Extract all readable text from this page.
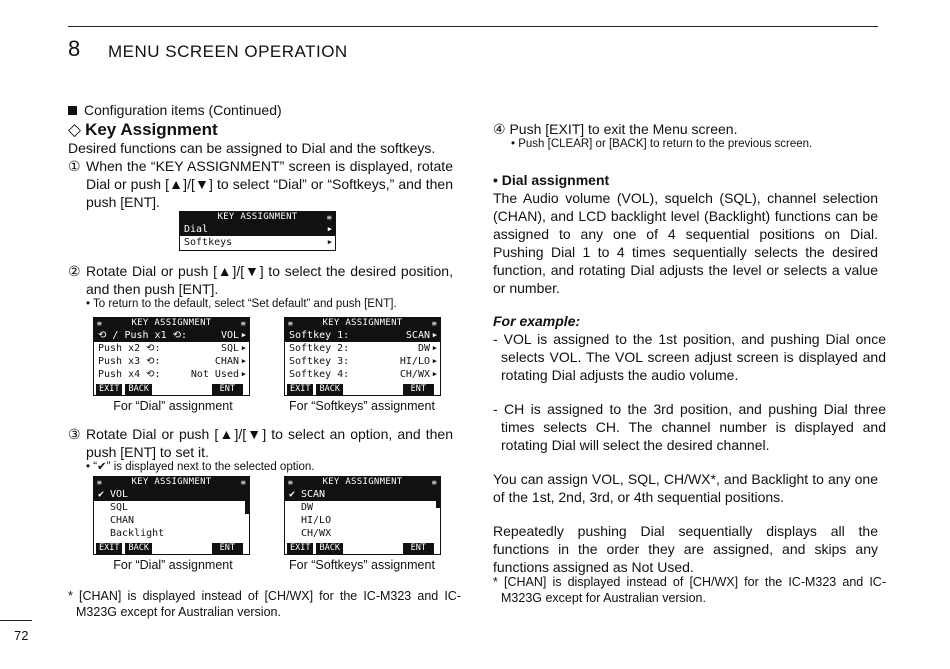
8 MENU SCREEN OPERATION
Configuration items (Continued)
◇ Key Assignment
Desired functions can be assigned to Dial and the softkeys.
① When the “KEY ASSIGNMENT” screen is displayed, rotate Dial or push [▲]/[▼] to select “Dial” or “Softkeys,” and then push [ENT].

KEY ASSIGNMENT	≡
Dial	▶
Softkeys	▶
② Rotate Dial or push [▲]/[▼] to select the desired position, and then push [ENT].

• To return to the default, select “Set default” and push [ENT].
≡	KEY ASSIGNMENT	≡
⟲ / Push x1 ⟲:	VOL ▶
Push x2 ⟲:	SQL ▶
Push x3 ⟲:	CHAN ▶
Push x4 ⟲:	Not Used ▶
EXIT	BACK	ENT
≡	KEY ASSIGNMENT	≡
Softkey 1:	SCAN ▶
Softkey 2:	DW ▶
Softkey 3:	HI/LO ▶
Softkey 4:	CH/WX ▶
EXIT	BACK	ENT
For “Dial” assignment	For “Softkeys” assignment
③ Rotate Dial or push [▲]/[▼] to select an option, and then push [ENT] to set it.

• “✔” is displayed next to the selected option.
≡	KEY ASSIGNMENT	≡
✔ VOL
SQL
CHAN
Backlight
EXIT	BACK	ENT
≡	KEY ASSIGNMENT	≡
✔ SCAN
DW
HI/LO
CH/WX
EXIT	BACK	ENT
For “Dial” assignment	For “Softkeys” assignment
* [CHAN] is displayed instead of [CH/WX] for the IC-M323 and IC-M323G except for Australian version.
④ Push [EXIT] to exit the Menu screen.
• Push [CLEAR] or [BACK] to return to the previous screen.
• Dial assignment
The Audio volume (VOL), squelch (SQL), channel selection (CHAN), and LCD backlight level (Backlight) functions can be assigned to any one of 4 sequential positions on Dial. Pushing Dial 1 to 4 times sequentially selects the desired function, and rotating Dial adjusts the level or selects a value or number.
For example:
- VOL is assigned to the 1st position, and pushing Dial once selects VOL. The VOL screen adjust screen is displayed and rotating Dial adjusts the audio volume.
- CH is assigned to the 3rd position, and pushing Dial three times selects CH. The channel number is displayed and rotating Dial will select the desired channel.
You can assign VOL, SQL, CH/WX*, and Backlight to any one of the 1st, 2nd, 3rd, or 4th sequential positions.
Repeatedly pushing Dial sequentially displays all the functions in the order they are assigned, and skips any functions assigned as Not Used.
* [CHAN] is displayed instead of [CH/WX] for the IC-M323 and IC-M323G except for Australian version.
72
